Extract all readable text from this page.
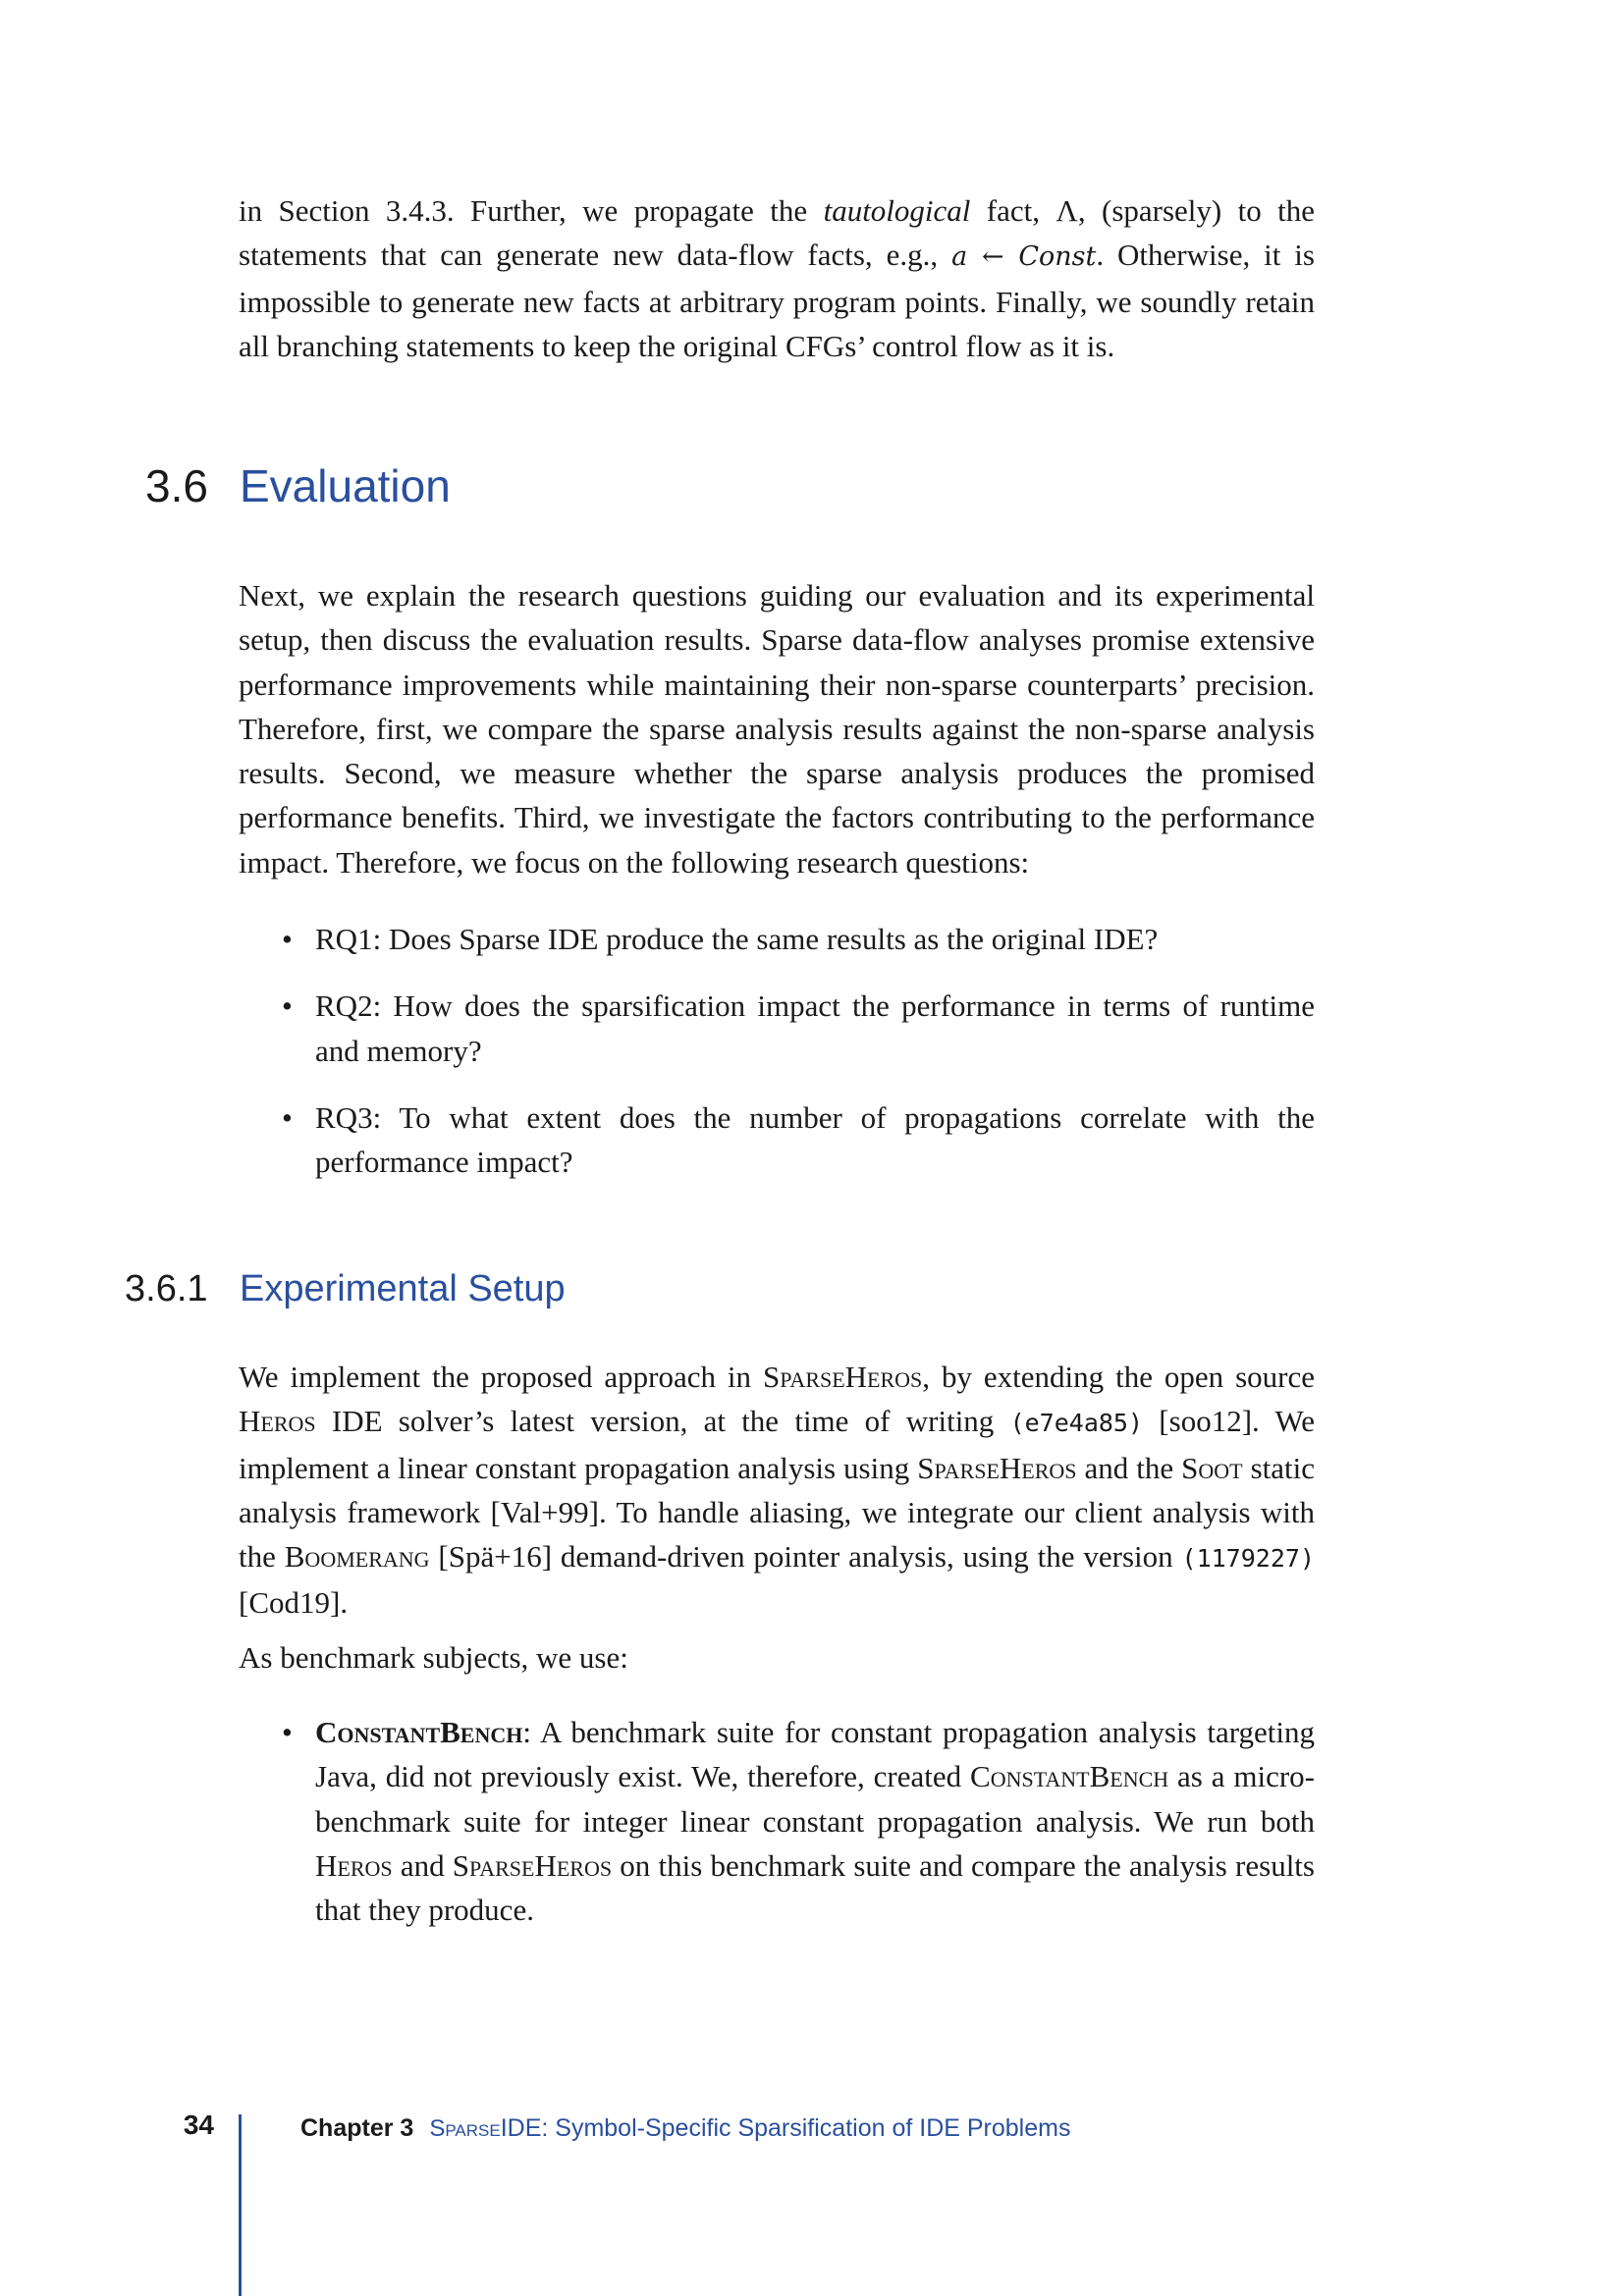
in Section 3.4.3. Further, we propagate the tautological fact, Λ, (sparsely) to the statements that can generate new data-flow facts, e.g., a ← Const. Otherwise, it is impossible to generate new facts at arbitrary program points. Finally, we soundly retain all branching statements to keep the original CFGs’ control flow as it is.

3.6 Evaluation

Next, we explain the research questions guiding our evaluation and its experimental setup, then discuss the evaluation results. Sparse data-flow analyses promise extensive performance improvements while maintaining their non-sparse counterparts’ precision. Therefore, first, we compare the sparse analysis results against the non-sparse analysis results. Second, we measure whether the sparse analysis produces the promised performance benefits. Third, we investigate the factors contributing to the performance impact. Therefore, we focus on the following research questions:

• RQ1: Does Sparse IDE produce the same results as the original IDE?
• RQ2: How does the sparsification impact the performance in terms of runtime and memory?
• RQ3: To what extent does the number of propagations correlate with the performance impact?
3.6.1 Experimental Setup

We implement the proposed approach in SparseHeros, by extending the open source Heros IDE solver’s latest version, at the time of writing (e7e4a85) [soo12]. We implement a linear constant propagation analysis using SparseHeros and the Soot static analysis framework [Val+99]. To handle aliasing, we integrate our client analysis with the Boomerang [Spä+16] demand-driven pointer analysis, using the version (1179227) [Cod19].

As benchmark subjects, we use:

• ConstantBench: A benchmark suite for constant propagation analysis targeting Java, did not previously exist. We, therefore, created ConstantBench as a micro-benchmark suite for integer linear constant propagation analysis. We run both Heros and SparseHeros on this benchmark suite and compare the analysis results that they produce.
34	Chapter 3 SparseIDE: Symbol-Specific Sparsification of IDE Problems
